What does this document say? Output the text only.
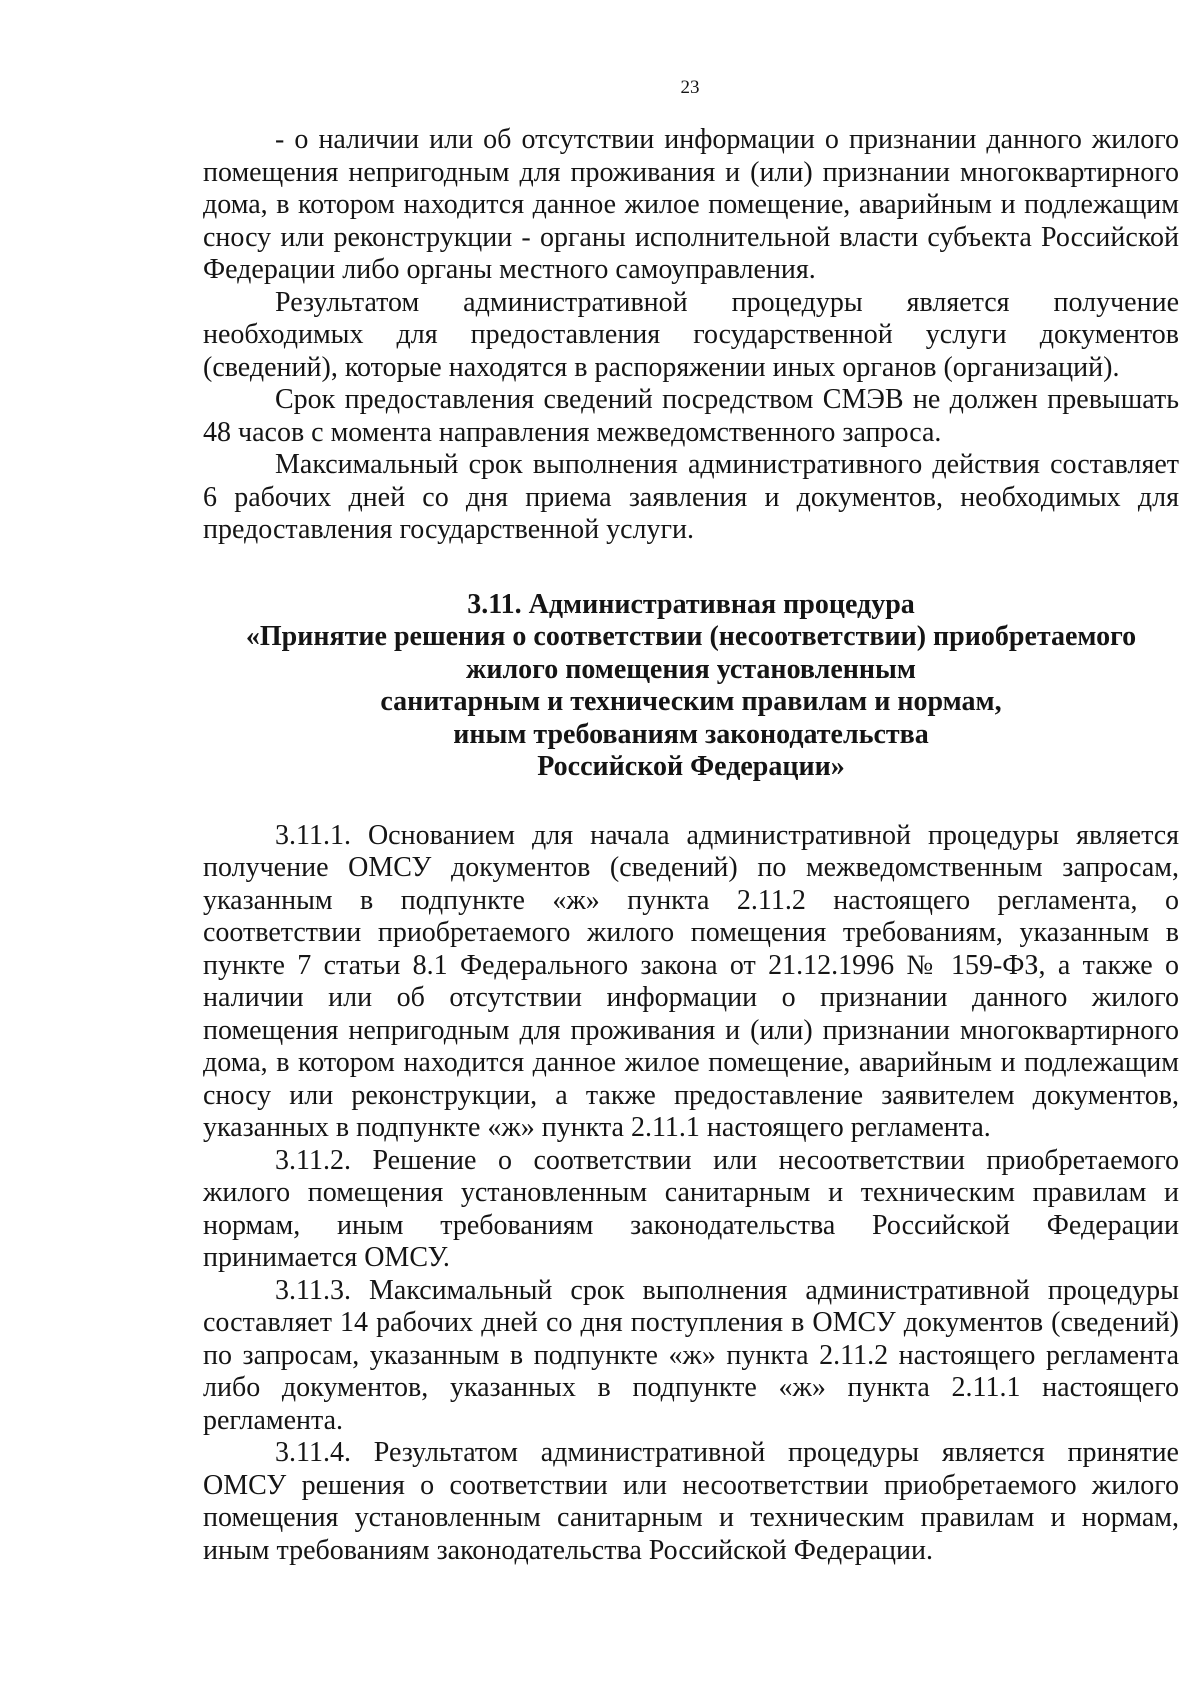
23

- о наличии или об отсутствии информации о признании данного жилого помещения непригодным для проживания и (или) признании многоквартирного дома, в котором находится данное жилое помещение, аварийным и подлежащим сносу или реконструкции - органы исполнительной власти субъекта Российской Федерации либо органы местного самоуправления.

Результатом административной процедуры является получение необходимых для предоставления государственной услуги документов (сведений), которые находятся в распоряжении иных органов (организаций).

Срок предоставления сведений посредством СМЭВ не должен превышать 48 часов с момента направления межведомственного запроса.

Максимальный срок выполнения административного действия составляет 6 рабочих дней со дня приема заявления и документов, необходимых для предоставления государственной услуги.

3.11. Административная процедура
«Принятие решения о соответствии (несоответствии) приобретаемого
жилого помещения установленным
санитарным и техническим правилам и нормам,
иным требованиям законодательства
Российской Федерации»

3.11.1. Основанием для начала административной процедуры является получение ОМСУ документов (сведений) по межведомственным запросам, указанным в подпункте «ж» пункта 2.11.2 настоящего регламента, о соответствии приобретаемого жилого помещения требованиям, указанным в пункте 7 статьи 8.1 Федерального закона от 21.12.1996 № 159-ФЗ, а также о наличии или об отсутствии информации о признании данного жилого помещения непригодным для проживания и (или) признании многоквартирного дома, в котором находится данное жилое помещение, аварийным и подлежащим сносу или реконструкции, а также предоставление заявителем документов, указанных в подпункте «ж» пункта 2.11.1 настоящего регламента.

3.11.2. Решение о соответствии или несоответствии приобретаемого жилого помещения установленным санитарным и техническим правилам и нормам, иным требованиям законодательства Российской Федерации принимается ОМСУ.

3.11.3. Максимальный срок выполнения административной процедуры составляет 14 рабочих дней со дня поступления в ОМСУ документов (сведений) по запросам, указанным в подпункте «ж» пункта 2.11.2 настоящего регламента либо документов, указанных в подпункте «ж» пункта 2.11.1 настоящего регламента.

3.11.4. Результатом административной процедуры является принятие ОМСУ решения о соответствии или несоответствии приобретаемого жилого помещения установленным санитарным и техническим правилам и нормам, иным требованиям законодательства Российской Федерации.
